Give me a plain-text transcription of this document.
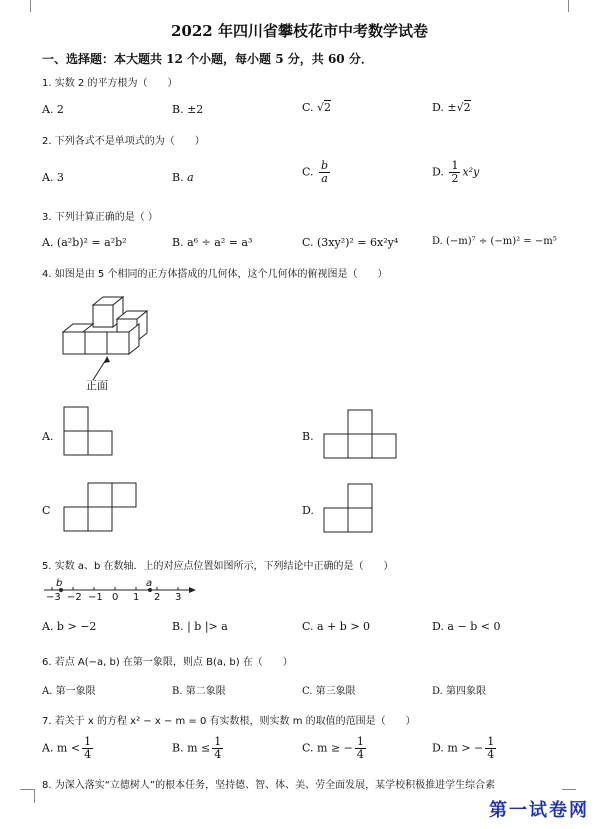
2022 年四川省攀枝花市中考数学试卷
一、选择题：本大题共 12 个小题，每小题 5 分，共 60 分．
1. 实数 2 的平方根为（　　）
A. 2	B. ±2	C. √2	D. ±√2
2. 下列各式不是单项式的为（　　）
A. 3	B. a	C. $\frac{b}{a}$	D. $\frac{1}{2} x^2y$
3. 下列计算正确的是（ ）
A. (a²b)² = a²b²	B. a⁶ ÷ a² = a³	C. (3xy²)² = 6x²y⁴	D. (−m)⁷ ÷ (−m)² = −m⁵
4. 如图是由 5 个相同的正方体搭成的几何体，这个几何体的俯视图是（　　）
正面
A.	B.
C	D.
5. 实数 a、b 在数轴．上的对应点位置如图所示，下列结论中正确的是（　　）
b	a
−3 −2 −1 0 1 2 3
A. b > −2	B. | b |> a	C. a + b > 0	D. a − b < 0
6. 若点 A(−a, b) 在第一象限，则点 B(a, b) 在（　　）
A. 第一象限	B. 第二象限	C. 第三象限	D. 第四象限
7. 若关于 x 的方程 x² − x − m = 0 有实数根，则实数 m 的取值的范围是（　　）
A. $m < \frac{1}{4}$	B. $m \le \frac{1}{4}$	C. m ≥ − $\frac{1}{4}$	D. m > − $\frac{1}{4}$
8. 为深入落实“立德树人”的根本任务，坚持德、智、体、美、劳全面发展，某学校积极推进学生综合素
第一试卷网
